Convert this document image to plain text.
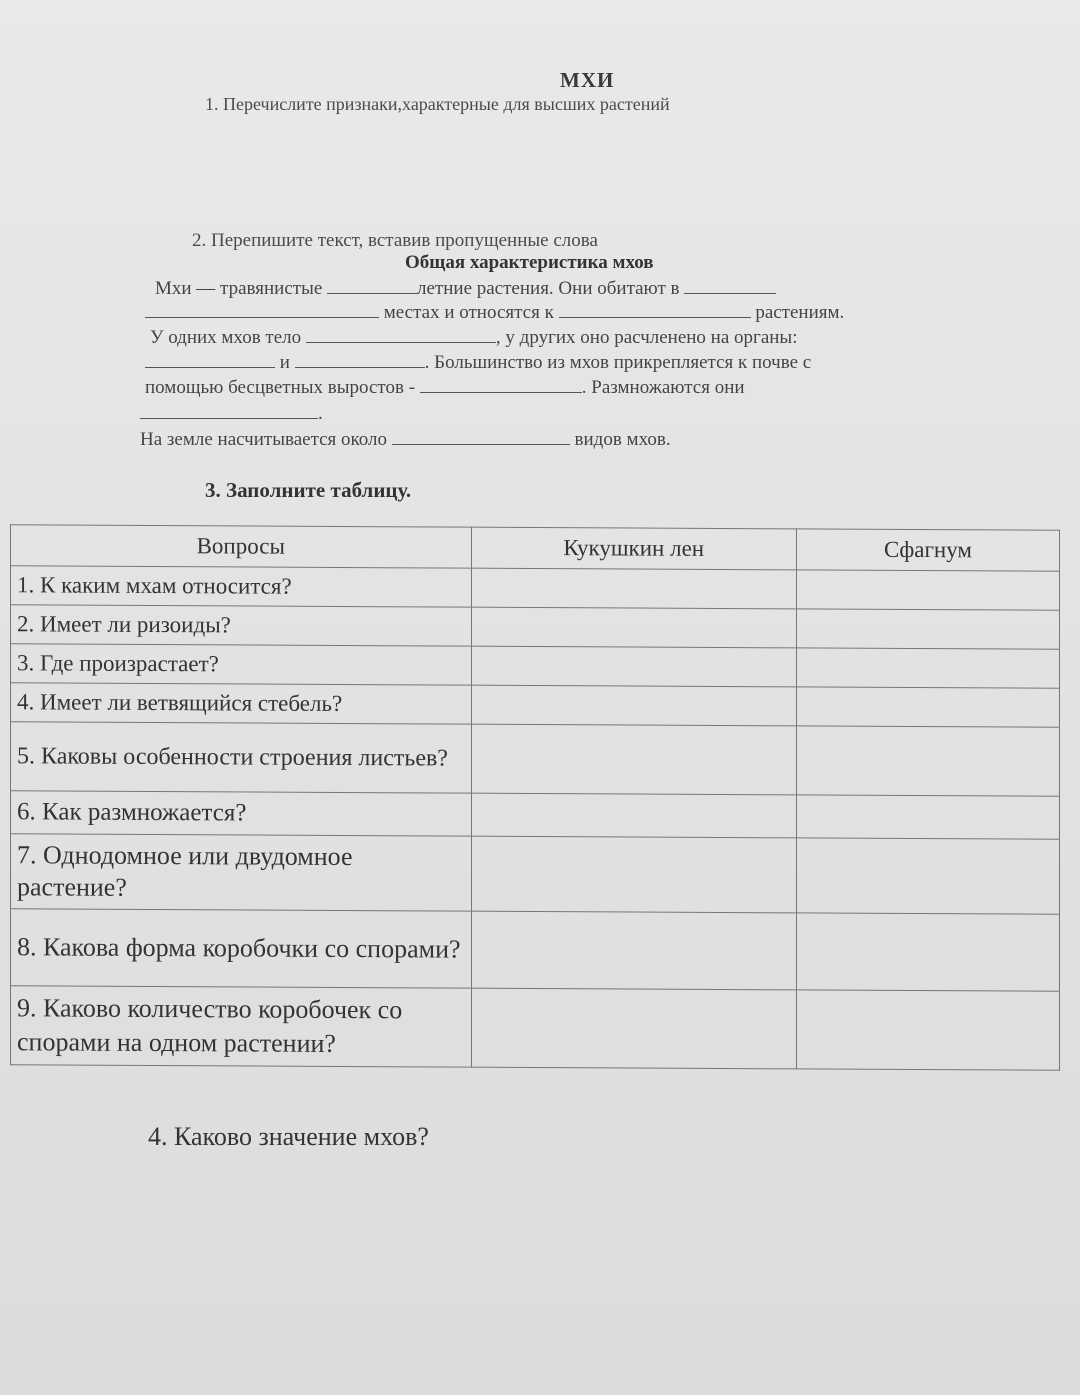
МХИ
1. Перечислите признаки,характерные для высших растений
2. Перепишите текст, вставив пропущенные слова
Общая характеристика мхов
Мхи — травянистые	летние растения. Они обитают в
местах и относятся к	растениям.
У одних мхов тело	, у других оно расчленено на органы:
и	. Большинство из мхов прикрепляется к почве с
помощью бесцветных выростов -	. Размножаются они
.
На земле насчитывается около	видов мхов.
3. Заполните таблицу.
Вопросы	Кукушкин лен	Сфагнум
1. К каким мхам относится?		
2. Имеет ли ризоиды?		
3. Где произрастает?		
4. Имеет ли ветвящийся стебель?		
5. Каковы особенности строения листьев?		
6. Как размножается?		
7. Однодомное или двудомное растение?		
8. Какова форма коробочки со спорами?		
9. Каково количество коробочек со спорами на одном растении?		
4. Каково значение мхов?
